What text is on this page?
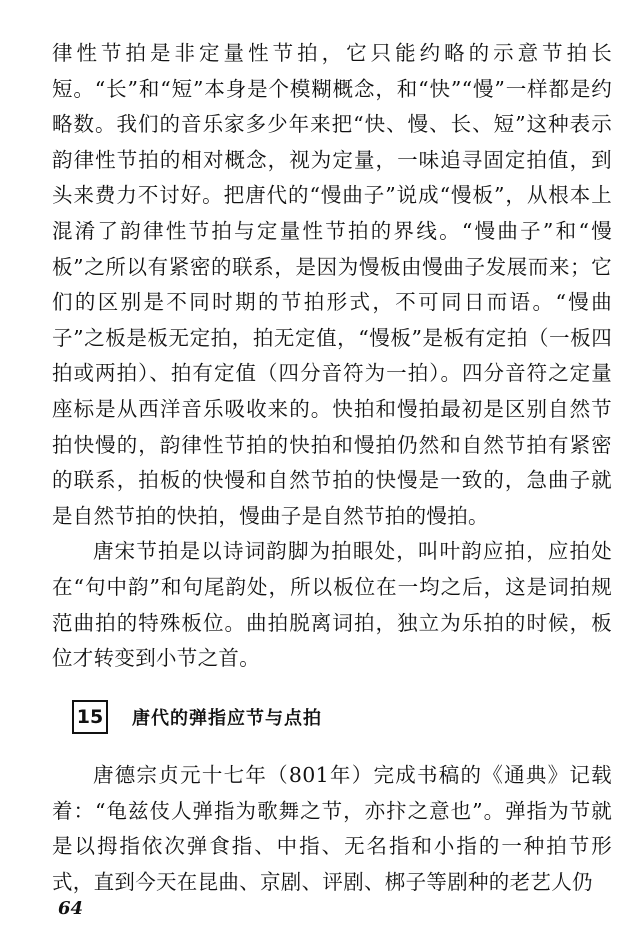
律性节拍是非定量性节拍，它只能约略的示意节拍长短。“长”和“短”本身是个模糊概念，和“快”“慢”一样都是约略数。我们的音乐家多少年来把“快、慢、长、短”这种表示韵律性节拍的相对概念，视为定量，一味追寻固定拍值，到头来费力不讨好。把唐代的“慢曲子”说成“慢板”，从根本上混淆了韵律性节拍与定量性节拍的界线。“慢曲子”和“慢板”之所以有紧密的联系，是因为慢板由慢曲子发展而来；它们的区别是不同时期的节拍形式，不可同日而语。“慢曲子”之板是板无定拍，拍无定值，“慢板”是板有定拍（一板四拍或两拍）、拍有定值（四分音符为一拍）。四分音符之定量座标是从西洋音乐吸收来的。快拍和慢拍最初是区别自然节拍快慢的，韵律性节拍的快拍和慢拍仍然和自然节拍有紧密的联系，拍板的快慢和自然节拍的快慢是一致的，急曲子就是自然节拍的快拍，慢曲子是自然节拍的慢拍。

唐宋节拍是以诗词韵脚为拍眼处，叫叶韵应拍，应拍处在“句中韵”和句尾韵处，所以板位在一均之后，这是词拍规范曲拍的特殊板位。曲拍脱离词拍，独立为乐拍的时候，板位才转变到小节之首。

15 唐代的弹指应节与点拍

唐德宗贞元十七年（801年）完成书稿的《通典》记载着：“龟兹伎人弹指为歌舞之节，亦抃之意也”。弹指为节就是以拇指依次弹食指、中指、无名指和小指的一种拍节形式，直到今天在昆曲、京剧、评剧、梆子等剧种的老艺人仍

64
